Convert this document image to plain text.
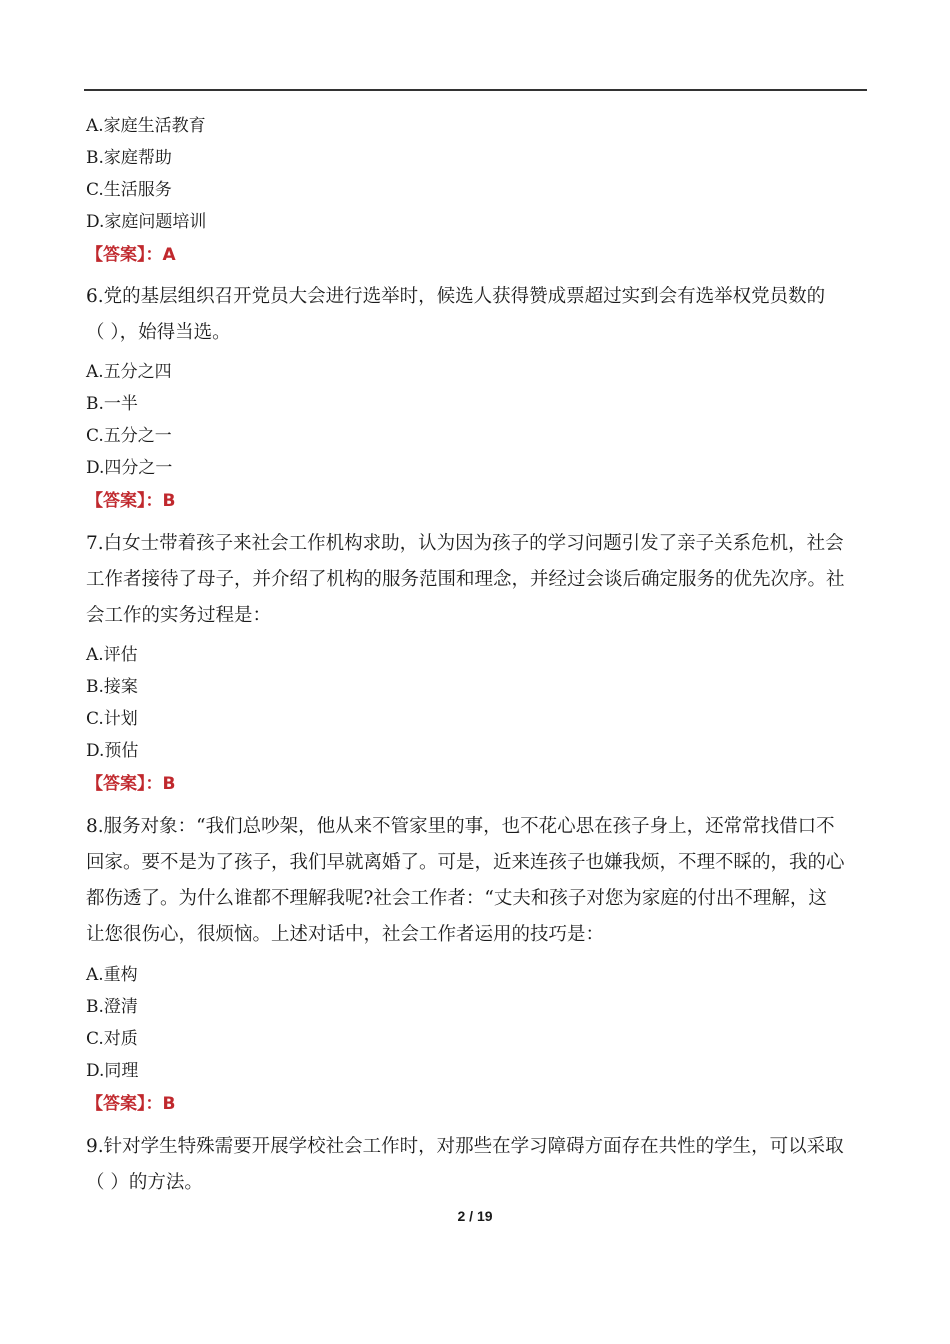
A.家庭生活教育
B.家庭帮助
C.生活服务
D.家庭问题培训
【答案】：A
6.党的基层组织召开党员大会进行选举时，候选人获得赞成票超过实到会有选举权党员数的
（ ），始得当选。
A.五分之四
B.一半
C.五分之一
D.四分之一
【答案】：B
7.白女士带着孩子来社会工作机构求助，认为因为孩子的学习问题引发了亲子关系危机，社会
工作者接待了母子，并介绍了机构的服务范围和理念，并经过会谈后确定服务的优先次序。社
会工作的实务过程是：
A.评估
B.接案
C.计划
D.预估
【答案】：B
8.服务对象：“我们总吵架，他从来不管家里的事，也不花心思在孩子身上，还常常找借口不
回家。要不是为了孩子，我们早就离婚了。可是，近来连孩子也嫌我烦，不理不睬的，我的心
都伤透了。为什么谁都不理解我呢?社会工作者：“丈夫和孩子对您为家庭的付出不理解，这
让您很伤心，很烦恼。上述对话中，社会工作者运用的技巧是：
A.重构
B.澄清
C.对质
D.同理
【答案】：B
9.针对学生特殊需要开展学校社会工作时，对那些在学习障碍方面存在共性的学生，可以采取
（ ）的方法。
2 / 19
